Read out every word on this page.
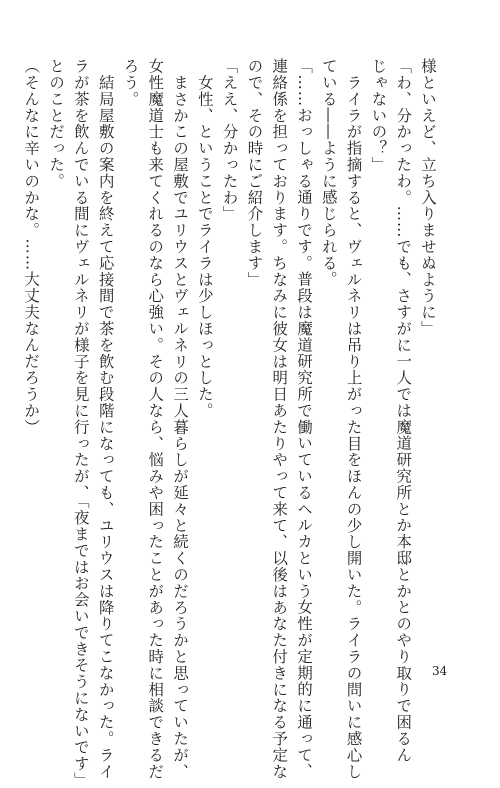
様といえど、立ち入りませぬように」

「わ、分かったわ。……でも、さすがに一人では魔道研究所とか本邸とかとのやり取りで困るん

じゃないの？」

　ライラが指摘すると、ヴェルネリは吊り上がった目をほんの少し開いた。ライラの問いに感心し

ている――ように感じられる。

「……おっしゃる通りです。普段は魔道研究所で働いているヘルカという女性が定期的に通って、

連絡係を担っております。ちなみに彼女は明日あたりやって来て、以後はあなた付きになる予定な

ので、その時にご紹介します」

「ええ、分かったわ」

　女性、ということでライラは少しほっとした。

　まさかこの屋敷でユリウスとヴェルネリの三人暮らしが延々と続くのだろうかと思っていたが、

女性魔道士も来てくれるのなら心強い。その人なら、悩みや困ったことがあった時に相談できるだ

ろう。

　結局屋敷の案内を終えて応接間で茶を飲む段階になっても、ユリウスは降りてこなかった。ライ

ラが茶を飲んでいる間にヴェルネリが様子を見に行ったが、「夜まではお会いできそうにないです」

とのことだった。

（そんなに辛いのかな。……大丈夫なんだろうか）

34
